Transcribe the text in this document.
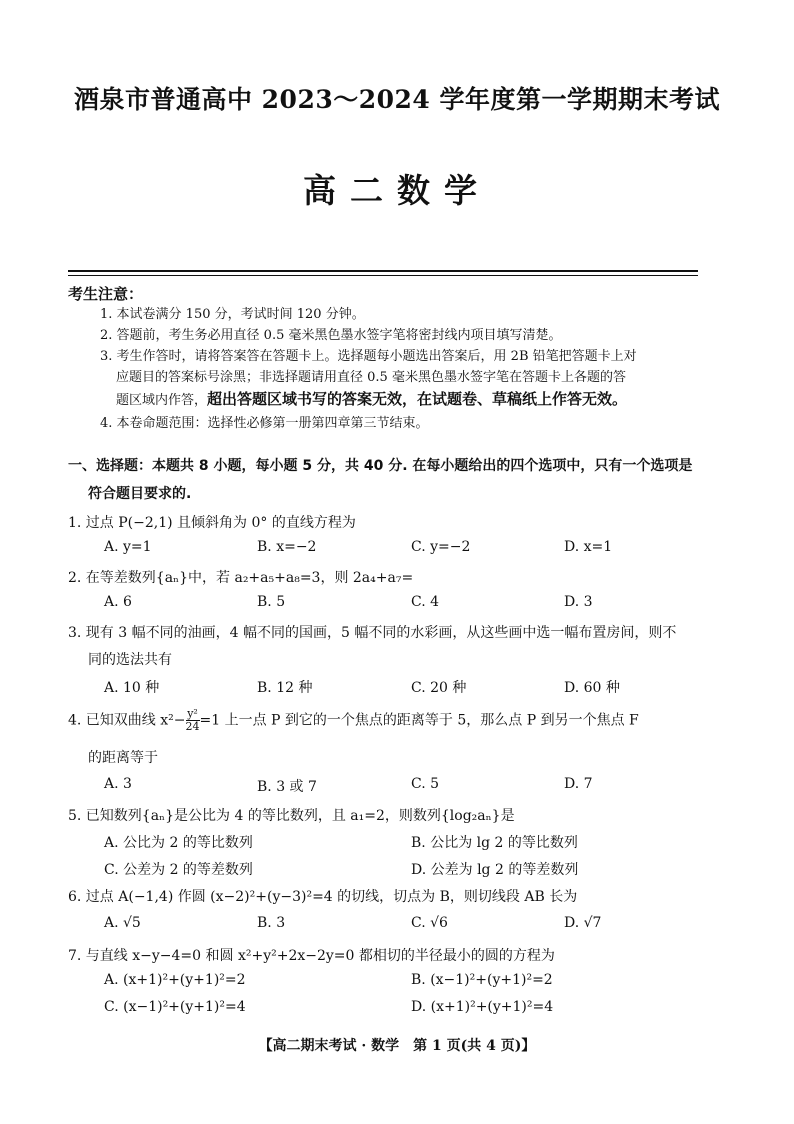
酒泉市普通高中 2023～2024 学年度第一学期期末考试
高二数学
考生注意：
1. 本试卷满分 150 分，考试时间 120 分钟。
2. 答题前，考生务必用直径 0.5 毫米黑色墨水签字笔将密封线内项目填写清楚。
3. 考生作答时，请将答案答在答题卡上。选择题每小题选出答案后，用 2B 铅笔把答题卡上对
应题目的答案标号涂黑；非选择题请用直径 0.5 毫米黑色墨水签字笔在答题卡上各题的答
题区域内作答，超出答题区域书写的答案无效，在试题卷、草稿纸上作答无效。
4. 本卷命题范围：选择性必修第一册第四章第三节结束。
一、选择题：本题共 8 小题，每小题 5 分，共 40 分. 在每小题给出的四个选项中，只有一个选项是
符合题目要求的.
1. 过点 P(−2,1) 且倾斜角为 0° 的直线方程为
A. y=1	B. x=−2	C. y=−2	D. x=1
2. 在等差数列{aₙ}中，若 a₂+a₅+a₈=3，则 2a₄+a₇=
A. 6	B. 5	C. 4	D. 3
3. 现有 3 幅不同的油画，4 幅不同的国画，5 幅不同的水彩画，从这些画中选一幅布置房间，则不
同的选法共有
A. 10 种	B. 12 种	C. 20 种	D. 60 种
4. 已知双曲线 $x^2- \frac{\text{y²}}{24} =1$ 上一点 P 到它的一个焦点的距离等于 5，那么点 P 到另一个焦点 F
的距离等于
A. 3	B. 3 或 7	C. 5	D. 7
5. 已知数列{aₙ}是公比为 4 的等比数列，且 a₁=2，则数列{log₂aₙ}是
A. 公比为 2 的等比数列	B. 公比为 lg 2 的等比数列
C. 公差为 2 的等差数列	D. 公差为 lg 2 的等差数列
6. 过点 A(−1,4) 作圆 (x−2)²+(y−3)²=4 的切线，切点为 B，则切线段 AB 长为
A. √5	B. 3	C. √6	D. √7
7. 与直线 x−y−4=0 和圆 x²+y²+2x−2y=0 都相切的半径最小的圆的方程为
A. (x+1)²+(y+1)²=2	B. (x−1)²+(y+1)²=2
C. (x−1)²+(y+1)²=4	D. (x+1)²+(y+1)²=4
【高二期末考试 · 数学　第 1 页(共 4 页)】
